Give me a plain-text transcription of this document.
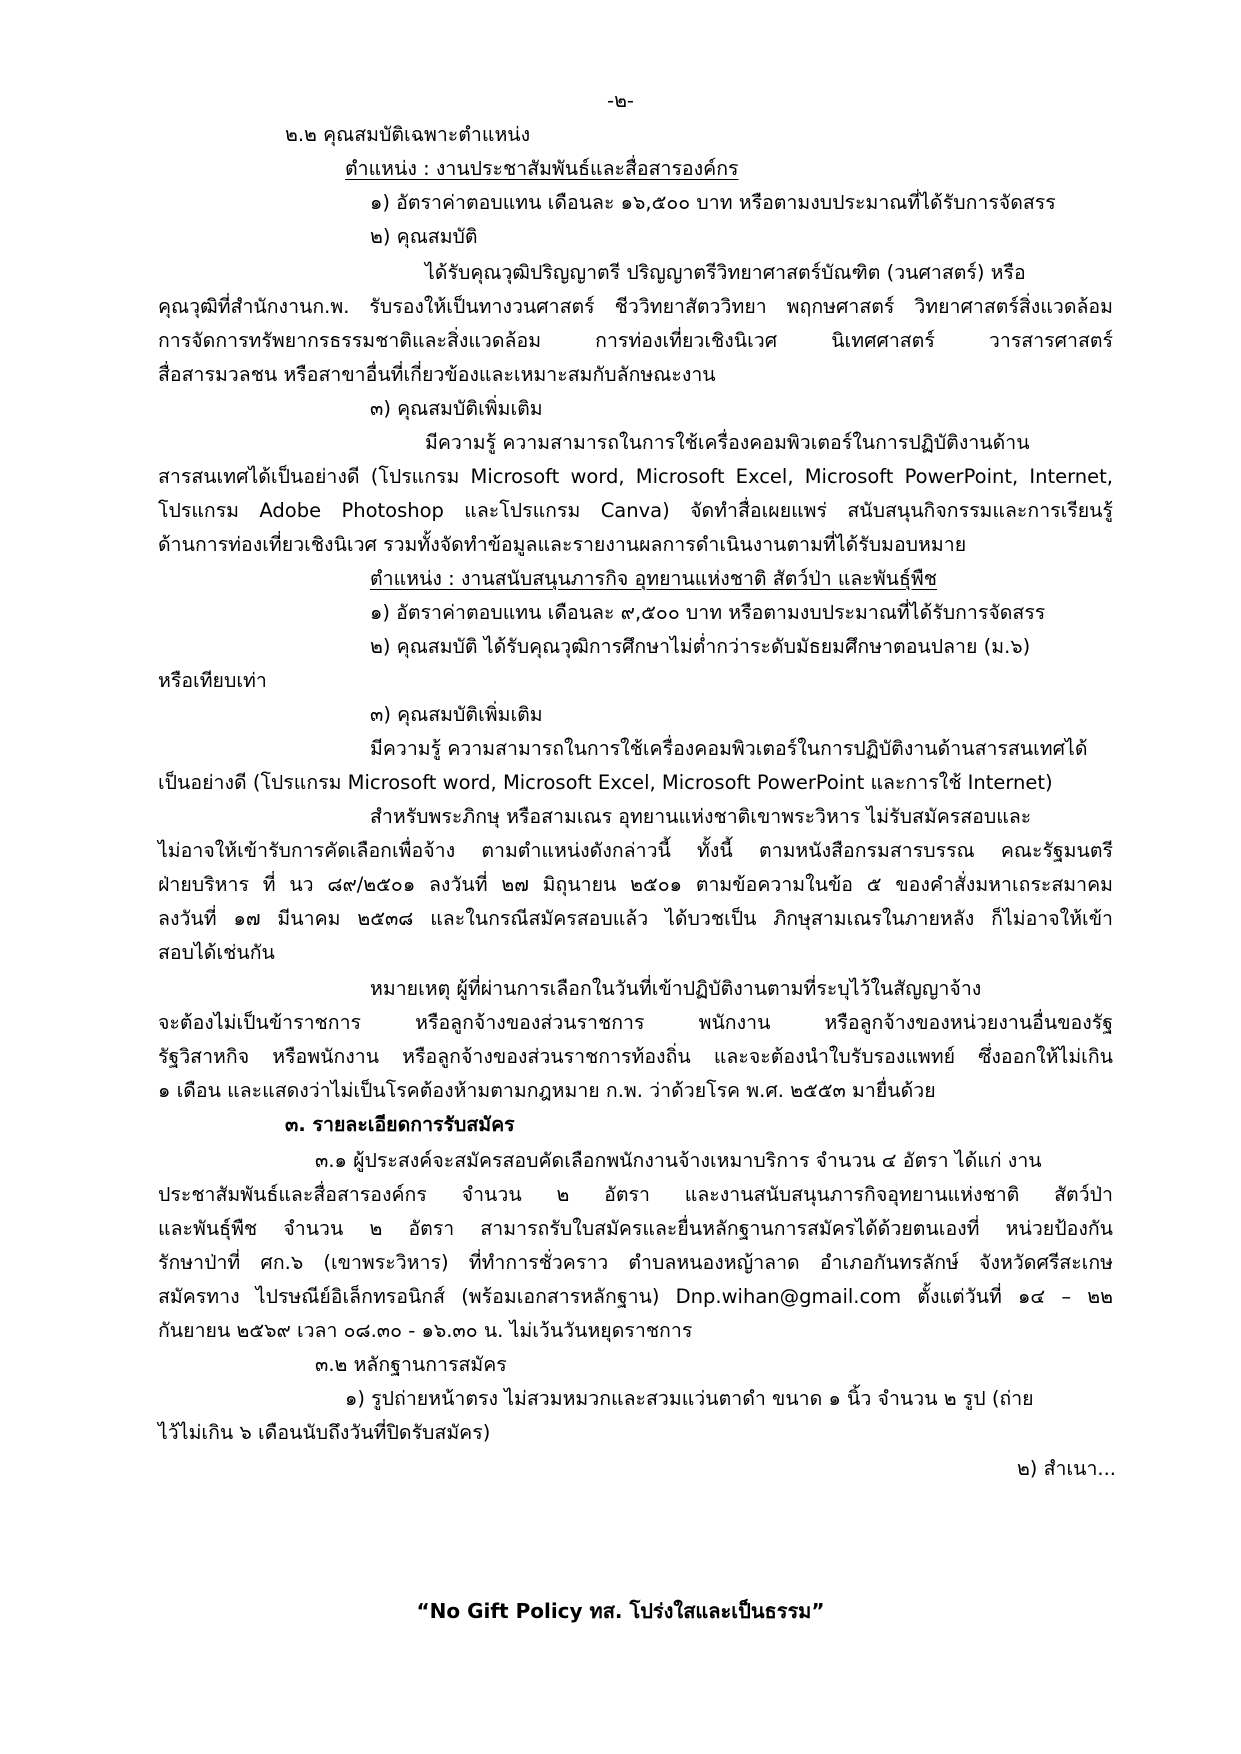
-๒-
๒.๒ คุณสมบัติเฉพาะตำแหน่ง
ตำแหน่ง : งานประชาสัมพันธ์และสื่อสารองค์กร
๑) อัตราค่าตอบแทน เดือนละ ๑๖,๕๐๐ บาท หรือตามงบประมาณที่ได้รับการจัดสรร
๒) คุณสมบัติ
ได้รับคุณวุฒิปริญญาตรี ปริญญาตรีวิทยาศาสตร์บัณฑิต (วนศาสตร์) หรือ
คุณวุฒิที่สำนักงานก.พ. รับรองให้เป็นทางวนศาสตร์ ชีววิทยาสัตววิทยา พฤกษศาสตร์ วิทยาศาสตร์สิ่งแวดล้อม
การจัดการทรัพยากรธรรมชาติและสิ่งแวดล้อม การท่องเที่ยวเชิงนิเวศ นิเทศศาสตร์ วารสารศาสตร์
สื่อสารมวลชน หรือสาขาอื่นที่เกี่ยวข้องและเหมาะสมกับลักษณะงาน
๓) คุณสมบัติเพิ่มเติม
มีความรู้ ความสามารถในการใช้เครื่องคอมพิวเตอร์ในการปฏิบัติงานด้าน
สารสนเทศได้เป็นอย่างดี (โปรแกรม Microsoft word, Microsoft Excel, Microsoft PowerPoint, Internet,
โปรแกรม Adobe Photoshop และโปรแกรม Canva) จัดทำสื่อเผยแพร่ สนับสนุนกิจกรรมและการเรียนรู้
ด้านการท่องเที่ยวเชิงนิเวศ รวมทั้งจัดทำข้อมูลและรายงานผลการดำเนินงานตามที่ได้รับมอบหมาย
ตำแหน่ง : งานสนับสนุนภารกิจ อุทยานแห่งชาติ สัตว์ป่า และพันธุ์พืช
๑) อัตราค่าตอบแทน เดือนละ ๙,๕๐๐ บาท หรือตามงบประมาณที่ได้รับการจัดสรร
๒) คุณสมบัติ ได้รับคุณวุฒิการศึกษาไม่ต่ำกว่าระดับมัธยมศึกษาตอนปลาย (ม.๖)
หรือเทียบเท่า
๓) คุณสมบัติเพิ่มเติม
มีความรู้ ความสามารถในการใช้เครื่องคอมพิวเตอร์ในการปฏิบัติงานด้านสารสนเทศได้
เป็นอย่างดี (โปรแกรม Microsoft word, Microsoft Excel, Microsoft PowerPoint และการใช้ Internet)
สำหรับพระภิกษุ หรือสามเณร อุทยานแห่งชาติเขาพระวิหาร ไม่รับสมัครสอบและ
ไม่อาจให้เข้ารับการคัดเลือกเพื่อจ้าง ตามตำแหน่งดังกล่าวนี้ ทั้งนี้ ตามหนังสือกรมสารบรรณ คณะรัฐมนตรี
ฝ่ายบริหาร ที่ นว ๘๙/๒๕๐๑ ลงวันที่ ๒๗ มิถุนายน ๒๕๐๑ ตามข้อความในข้อ ๕ ของคำสั่งมหาเถระสมาคม
ลงวันที่ ๑๗ มีนาคม ๒๕๓๘ และในกรณีสมัครสอบแล้ว ได้บวชเป็น ภิกษุสามเณรในภายหลัง ก็ไม่อาจให้เข้า
สอบได้เช่นกัน
หมายเหตุ ผู้ที่ผ่านการเลือกในวันที่เข้าปฏิบัติงานตามที่ระบุไว้ในสัญญาจ้าง
จะต้องไม่เป็นข้าราชการ หรือลูกจ้างของส่วนราชการ พนักงาน หรือลูกจ้างของหน่วยงานอื่นของรัฐ
รัฐวิสาหกิจ หรือพนักงาน หรือลูกจ้างของส่วนราชการท้องถิ่น และจะต้องนำใบรับรองแพทย์ ซึ่งออกให้ไม่เกิน
๑ เดือน และแสดงว่าไม่เป็นโรคต้องห้ามตามกฎหมาย ก.พ. ว่าด้วยโรค พ.ศ. ๒๕๕๓ มายื่นด้วย
๓. รายละเอียดการรับสมัคร
๓.๑ ผู้ประสงค์จะสมัครสอบคัดเลือกพนักงานจ้างเหมาบริการ จำนวน ๔ อัตรา ได้แก่ งาน
ประชาสัมพันธ์และสื่อสารองค์กร จำนวน ๒ อัตรา และงานสนับสนุนภารกิจอุทยานแห่งชาติ สัตว์ป่า
และพันธุ์พืช จำนวน ๒ อัตรา สามารถรับใบสมัครและยื่นหลักฐานการสมัครได้ด้วยตนเองที่ หน่วยป้องกัน
รักษาป่าที่ ศก.๖ (เขาพระวิหาร) ที่ทำการชั่วคราว ตำบลหนองหญ้าลาด อำเภอกันทรลักษ์ จังหวัดศรีสะเกษ
สมัครทาง ไปรษณีย์อิเล็กทรอนิกส์ (พร้อมเอกสารหลักฐาน) Dnp.wihan@gmail.com ตั้งแต่วันที่ ๑๔ – ๒๒
กันยายน ๒๕๖๙ เวลา ๐๘.๓๐ - ๑๖.๓๐ น. ไม่เว้นวันหยุดราชการ
๓.๒ หลักฐานการสมัคร
๑) รูปถ่ายหน้าตรง ไม่สวมหมวกและสวมแว่นตาดำ ขนาด ๑ นิ้ว จำนวน ๒ รูป (ถ่าย
ไว้ไม่เกิน ๖ เดือนนับถึงวันที่ปิดรับสมัคร)
๒) สำเนา...
“No Gift Policy ทส. โปร่งใสและเป็นธรรม”
